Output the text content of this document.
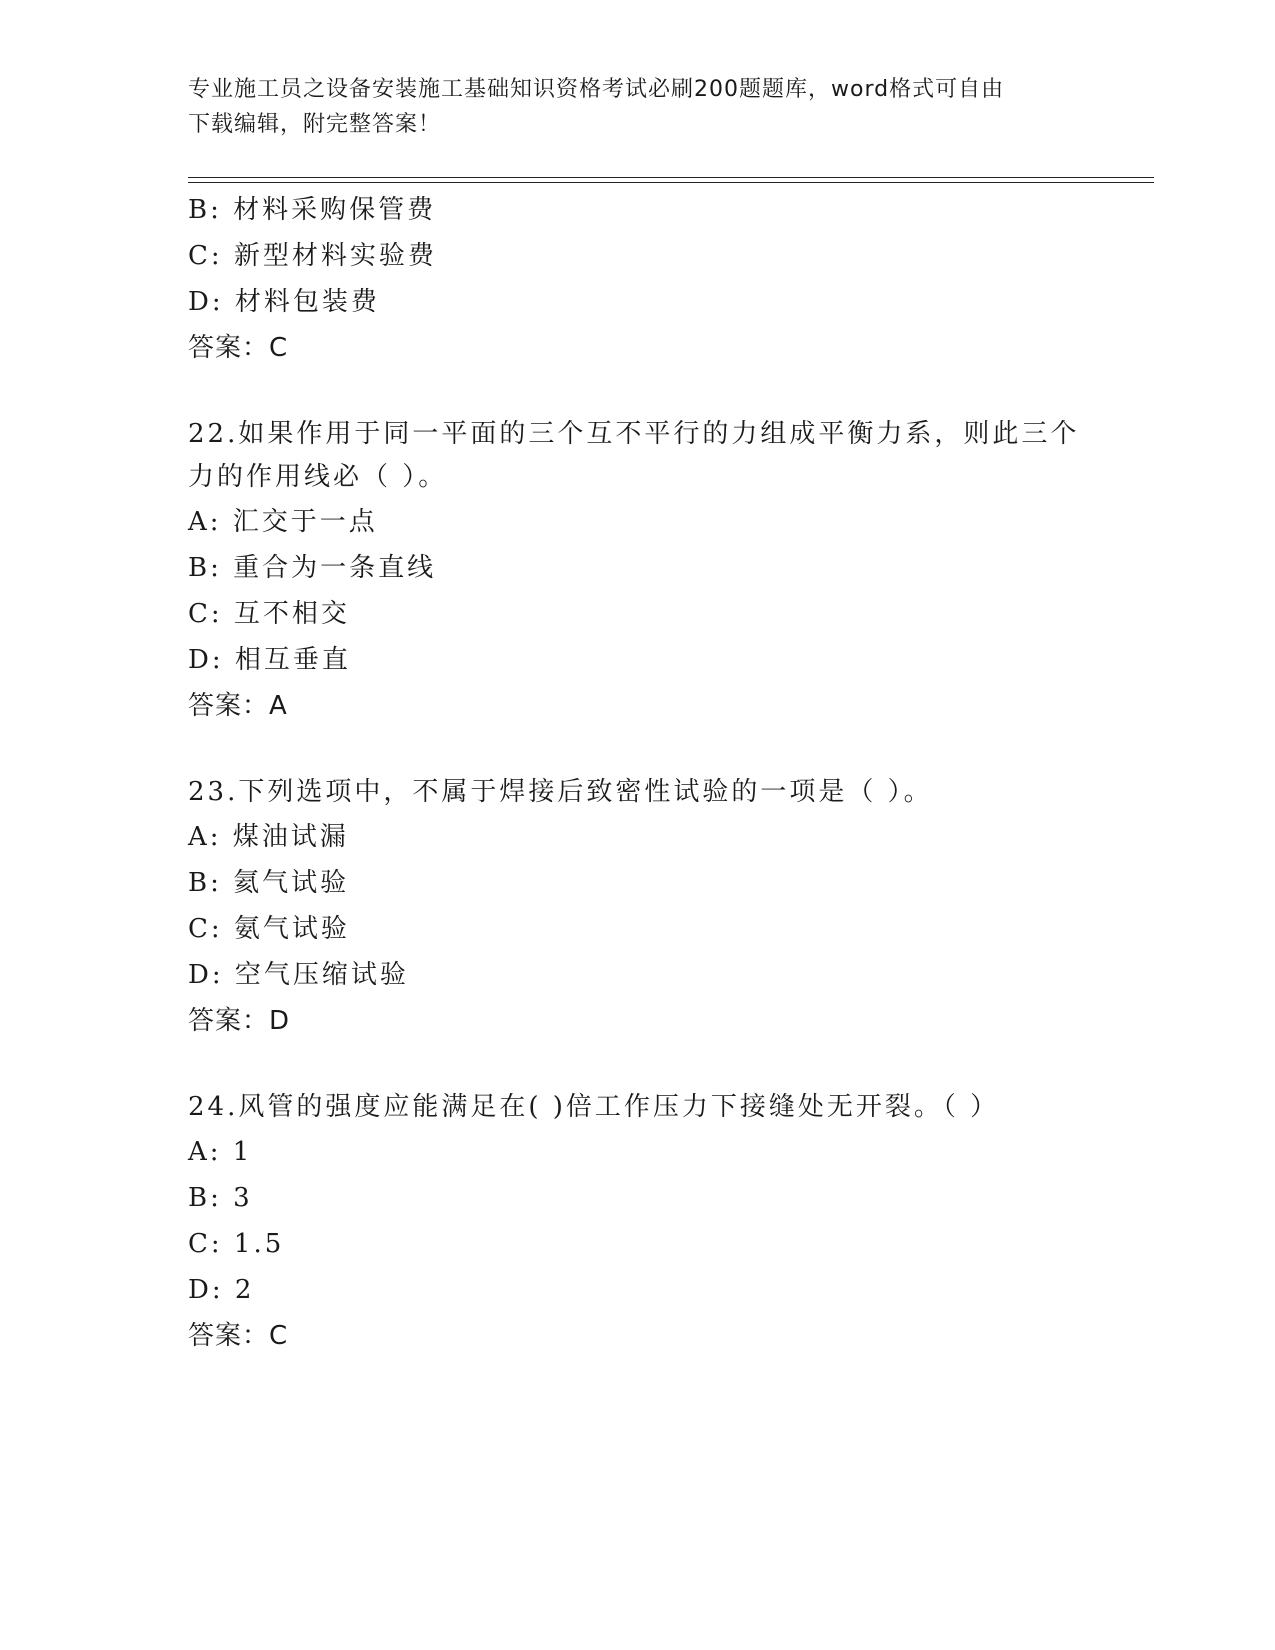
专业施工员之设备安装施工基础知识资格考试必刷200题题库，word格式可自由
下载编辑，附完整答案！
B: 材料采购保管费
C: 新型材料实验费
D: 材料包装费
答案：C
22.如果作用于同一平面的三个互不平行的力组成平衡力系，则此三个
力的作用线必（ ）。
A: 汇交于一点
B: 重合为一条直线
C: 互不相交
D: 相互垂直
答案：A
23.下列选项中，不属于焊接后致密性试验的一项是（ ）。
A: 煤油试漏
B: 氦气试验
C: 氨气试验
D: 空气压缩试验
答案：D
24.风管的强度应能满足在( )倍工作压力下接缝处无开裂。（ ）
A: 1
B: 3
C: 1.5
D: 2
答案：C
